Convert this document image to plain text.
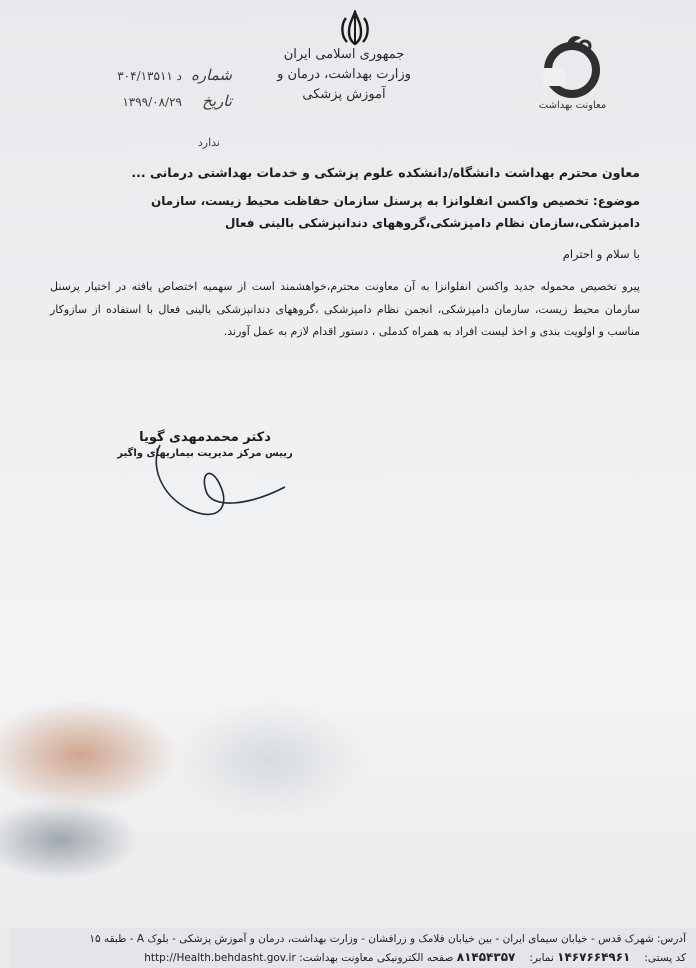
جمهوری اسلامی ایران
وزارت بهداشت، درمان و آموزش پزشکی
معاونت بهداشت
شماره
۳۰۴/۱۳۵۱۱ د
تاریخ
۱۳۹۹/۰۸/۲۹
ندارد
معاون محترم بهداشت دانشگاه/دانشکده علوم پزشکی و خدمات بهداشتی درمانی ...
موضوع: تخصیص واکسن انفلوانزا به پرسنل سازمان حفاظت محیط زیست، سازمان دامپزشکی،سازمان نظام دامپزشکی،گروههای دندانپزشکی بالینی فعال
با سلام و احترام
پیرو تخصیص محموله جدید واکسن انفلوانزا به آن معاونت محترم،خواهشمند است از سهمیه اختصاص یافته در اختیار پرسنل سازمان محیط زیست، سازمان دامپزشکی، انجمن نظام دامپزشکی ،گروههای دندانپزشکی بالینی فعال با استفاده از سازوکار مناسب و اولویت بندی و اخذ لیست افراد به همراه کدملی ، دستور اقدام لازم به عمل آورند.
دکتر محمدمهدی گویا
رییس مرکز مدیریت بیماریهای واگیر
آدرس: شهرک قدس - خیابان سیمای ایران - بین خیابان فلامک و زرافشان - وزارت بهداشت، درمان و آموزش پزشکی - بلوک A - طبقه ۱۵
کد پستی:۱۴۶۷۶۶۴۹۶۱ نمابر:۸۱۴۵۴۳۵۷ صفحه الکترونیکی معاونت بهداشت: http://Health.behdasht.gov.ir
